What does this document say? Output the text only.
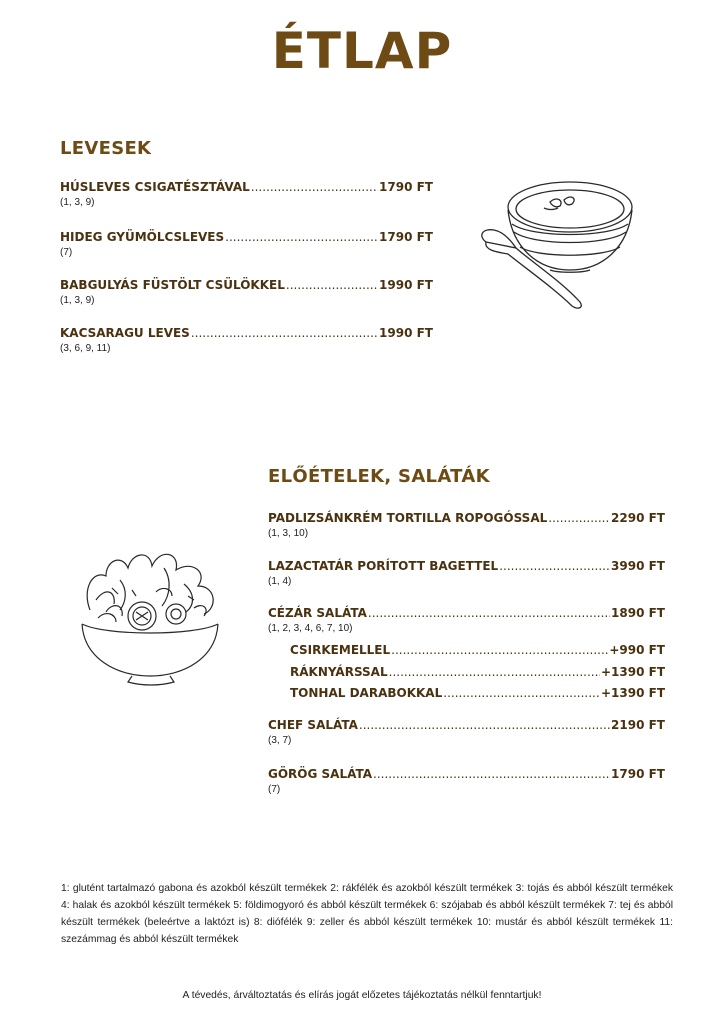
ÉTLAP
LEVESEK
HÚSLEVES CSIGATÉSZTÁVAL .....	1790 FT
(1, 3, 9)
HIDEG GYÜMÖLCSLEVES .....	1790 FT
(7)
BABGULYÁS FÜSTÖLT CSÜLÖKKEL .....	1990 FT
(1, 3, 9)
KACSARAGU LEVES .....	1990 FT
(3, 6, 9, 11)
ELŐÉTELEK, SALÁTÁK
PADLIZSÁNKRÉM TORTILLA ROPOGÓSSAL .....	2290 FT
(1, 3, 10)
LAZACTATÁR PORÍTOTT BAGETTEL .....	3990 FT
(1, 4)
CÉZÁR SALÁTA .....	1890 FT
(1, 2, 3, 4, 6, 7, 10)
CSIRKEMELLEL .....	+990 FT
RÁKNYÁRSSAL .....	+1390 FT
TONHAL DARABOKKAL .....	+1390 FT
CHEF SALÁTA .....	2190 FT
(3, 7)
GÖRÖG SALÁTA .....	1790 FT
(7)
1: glutént tartalmazó gabona és azokból készült termékek 2: rákfélék és azokból készült termékek 3: tojás és abból készült termékek 4: halak és azokból készült termékek 5: földimogyoró és abból készült termékek 6: szójabab és abból készült termékek 7: tej és abból készült termékek (beleértve a laktózt is) 8: diófélék 9: zeller és abból készült termékek 10: mustár és abból készült termékek 11: szezámmag és abból készült termékek
A tévedés, árváltoztatás és elírás jogát előzetes tájékoztatás nélkül fenntartjuk!
